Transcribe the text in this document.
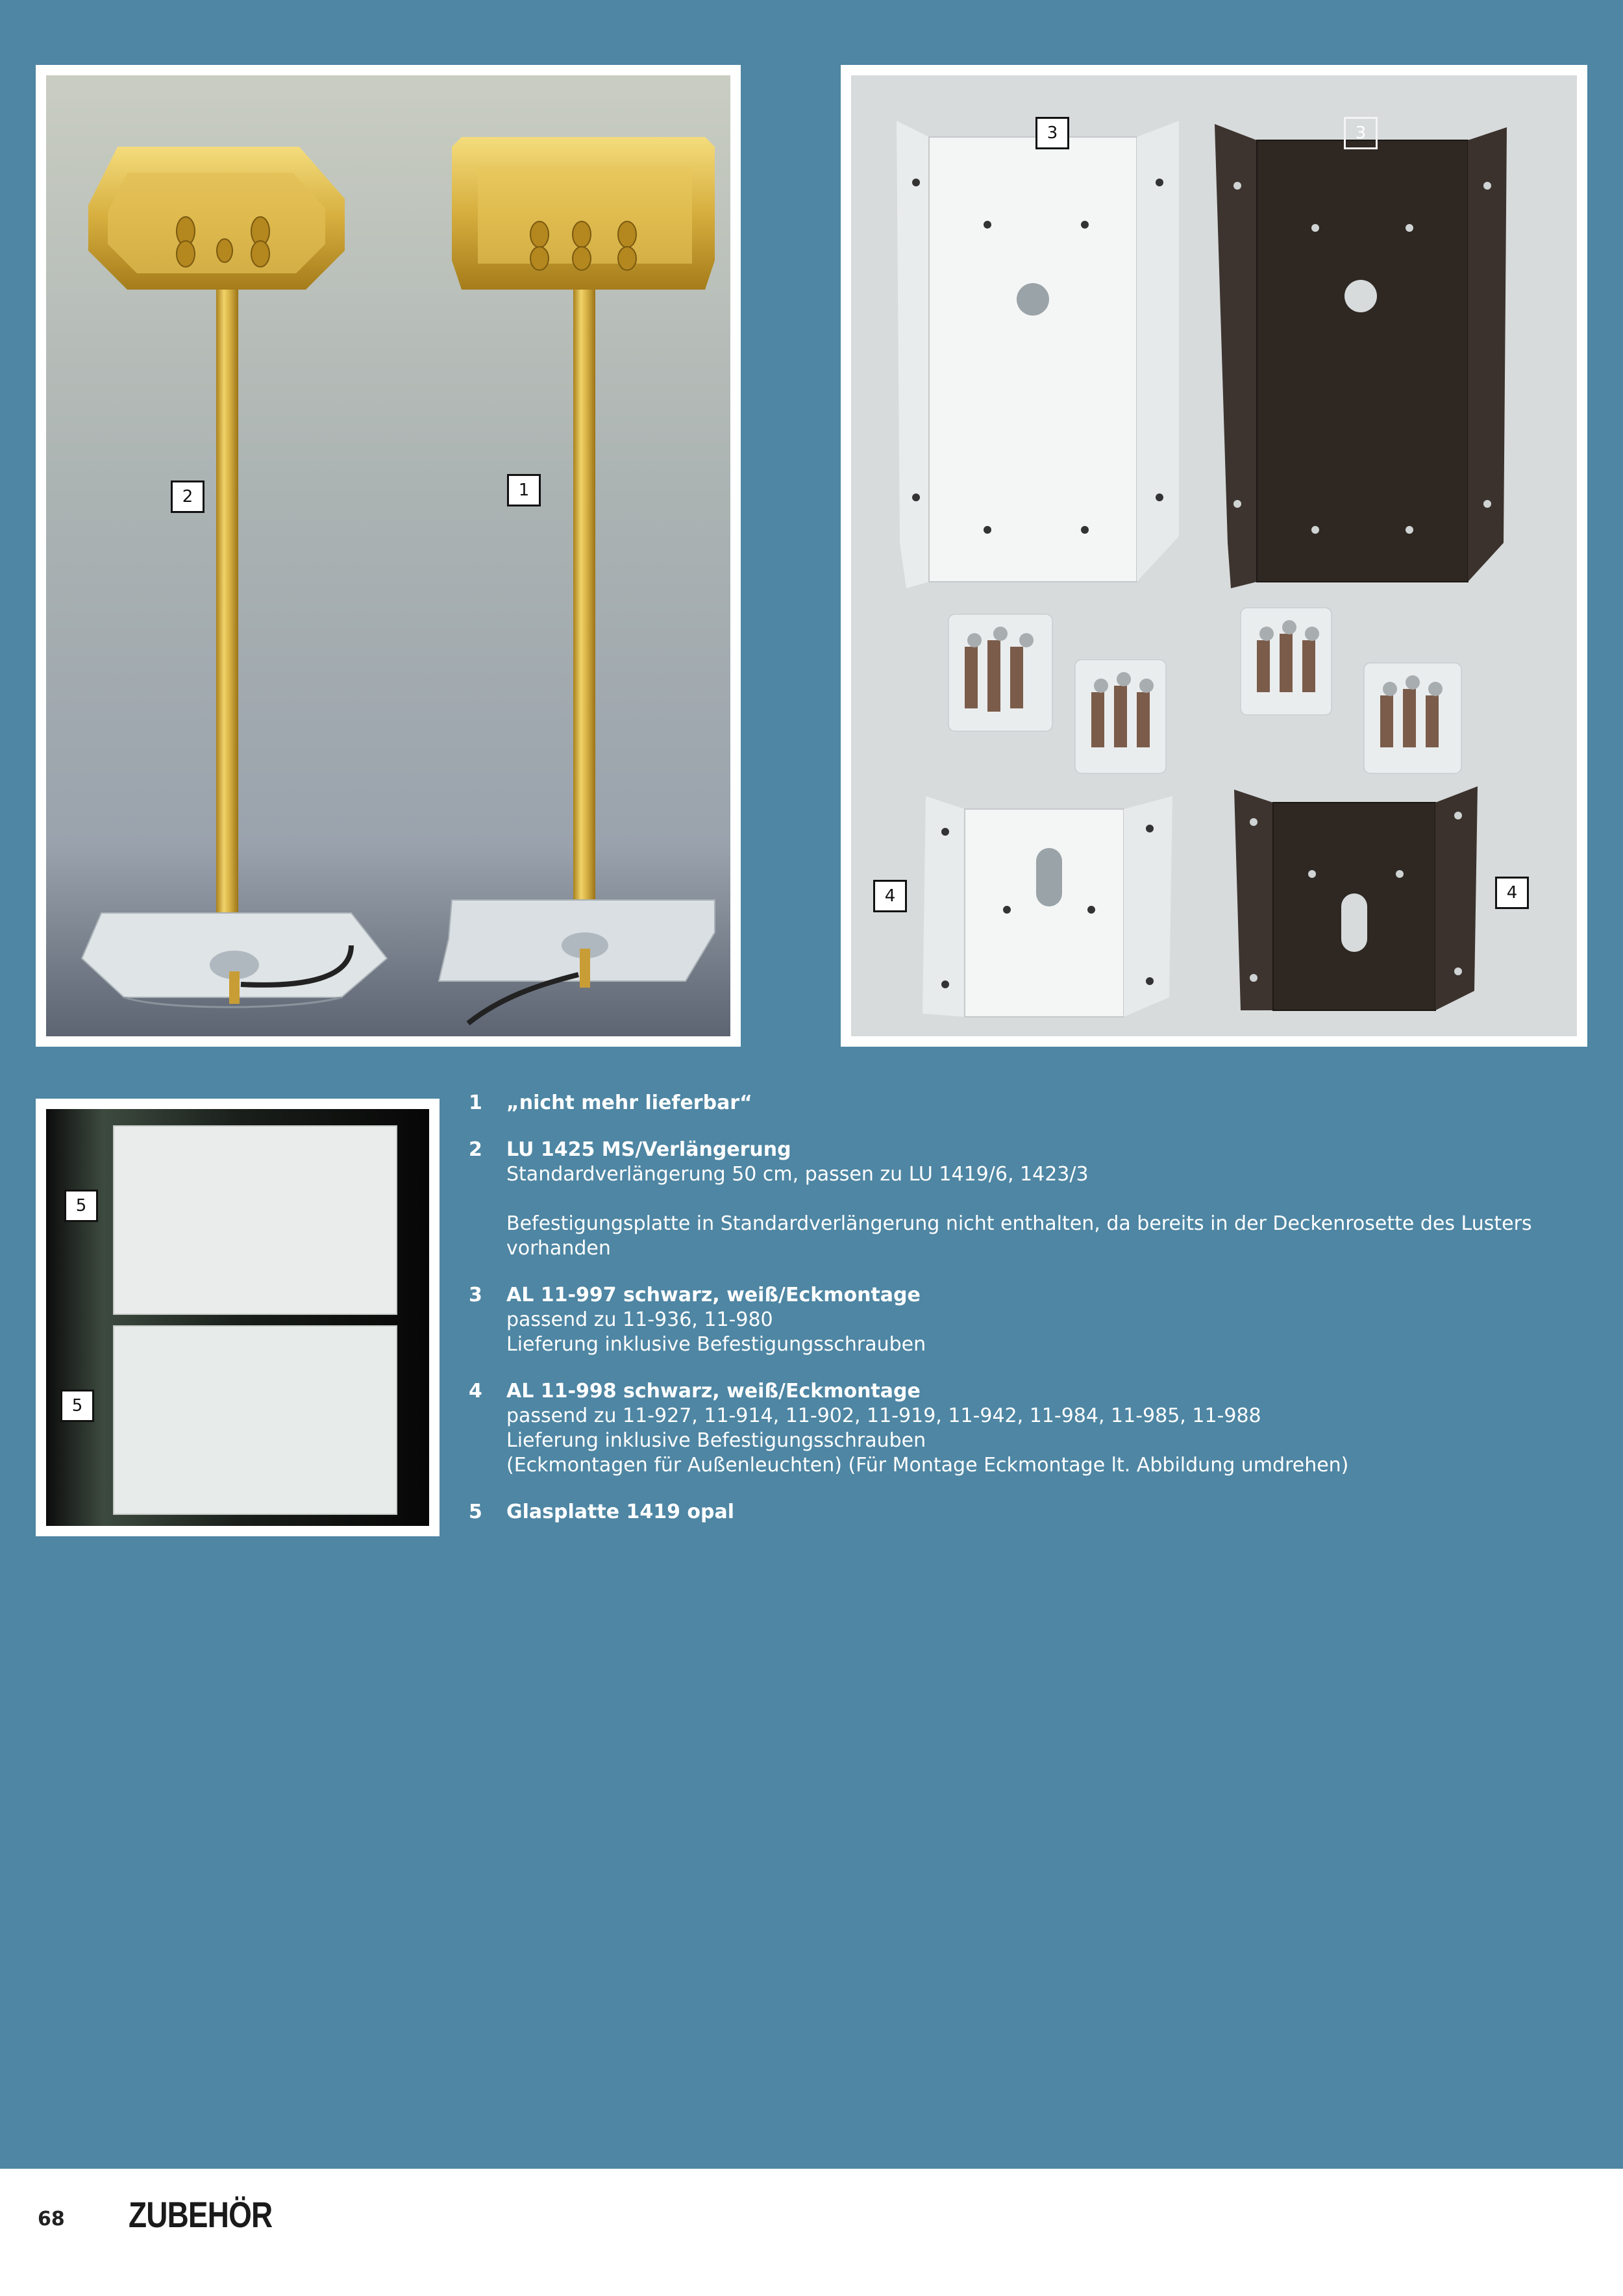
2	1
3	3
4	4
5
5
1 „nicht mehr lieferbar“
2 LU 1425 MS/Verlängerung
Standardverlängerung 50 cm, passen zu LU 1419/6, 1423/3
Befestigungsplatte in Standardverlängerung nicht enthalten, da bereits in der Deckenrosette des Lusters
vorhanden
3 AL 11-997 schwarz, weiß/Eckmontage
passend zu 11-936, 11-980
Lieferung inklusive Befestigungsschrauben
4 AL 11-998 schwarz, weiß/Eckmontage
passend zu 11-927, 11-914, 11-902, 11-919, 11-942, 11-984, 11-985, 11-988
Lieferung inklusive Befestigungsschrauben
(Eckmontagen für Außenleuchten) (Für Montage Eckmontage lt. Abbildung umdrehen)
5 Glasplatte 1419 opal
68 ZUBEHÖR
